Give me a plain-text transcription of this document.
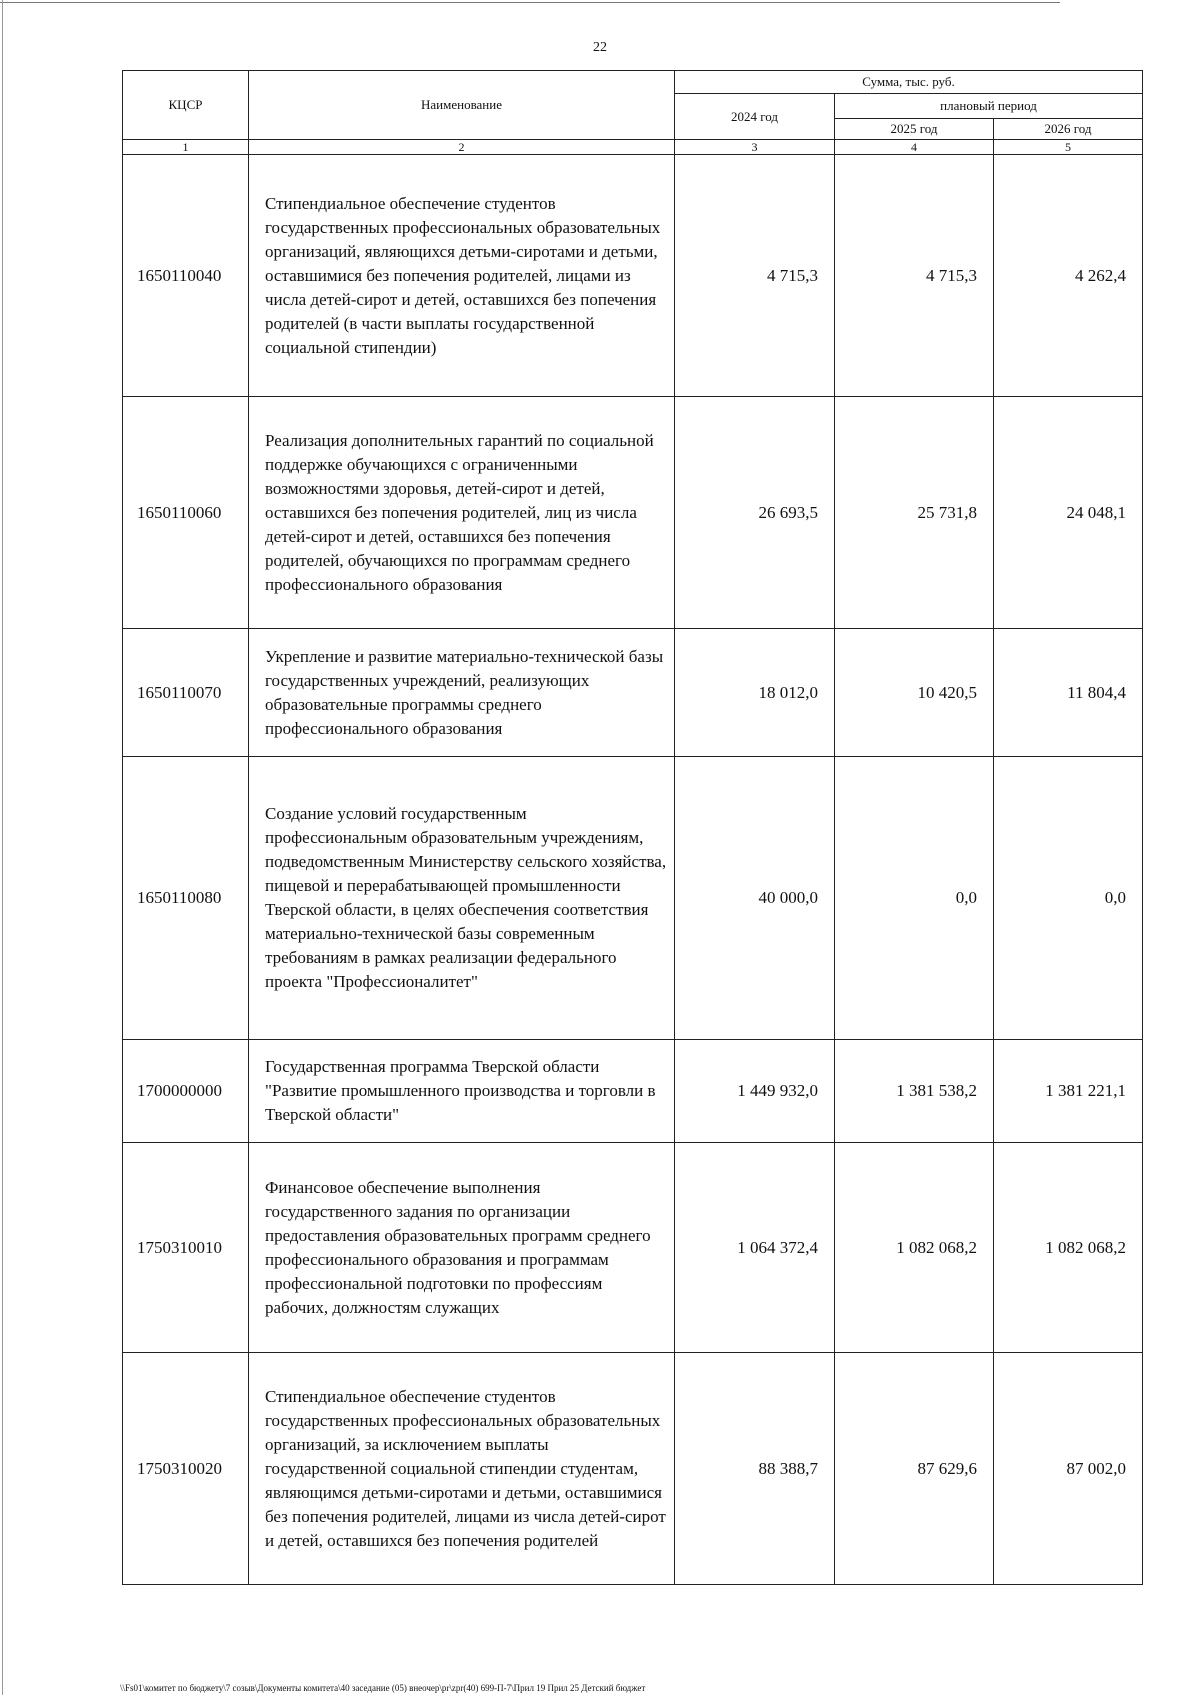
22
КЦСР	Наименование	Сумма, тыс. руб.		
		2024 год	плановый период	
			2025 год	2026 год
1	2	3	4	5
1650110040	Стипендиальное обеспечение студентов государственных профессиональных образовательных организаций, являющихся детьми-сиротами и детьми, оставшимися без попечения родителей, лицами из числа детей-сирот и детей, оставшихся без попечения родителей (в части выплаты государственной социальной стипендии)	4 715,3	4 715,3	4 262,4
1650110060	Реализация дополнительных гарантий по социальной поддержке обучающихся с ограниченными возможностями здоровья, детей-сирот и детей, оставшихся без попечения родителей, лиц из числа детей-сирот и детей, оставшихся без попечения родителей, обучающихся по программам среднего профессионального образования	26 693,5	25 731,8	24 048,1
1650110070	Укрепление и развитие материально-технической базы государственных учреждений, реализующих образовательные программы среднего профессионального образования	18 012,0	10 420,5	11 804,4
1650110080	Создание условий государственным профессиональным образовательным учреждениям, подведомственным Министерству сельского хозяйства, пищевой и перерабатывающей промышленности Тверской области, в целях обеспечения соответствия материально-технической базы современным требованиям в рамках реализации федерального проекта "Профессионалитет"	40 000,0	0,0	0,0
1700000000	Государственная программа Тверской области "Развитие промышленного производства и торговли в Тверской области"	1 449 932,0	1 381 538,2	1 381 221,1
1750310010	Финансовое обеспечение выполнения государственного задания по организации предоставления образовательных программ среднего профессионального образования и программам профессиональной подготовки по профессиям рабочих, должностям служащих	1 064 372,4	1 082 068,2	1 082 068,2
1750310020	Стипендиальное обеспечение студентов государственных профессиональных образовательных организаций, за исключением выплаты государственной социальной стипендии студентам, являющимся детьми-сиротами и детьми, оставшимися без попечения родителей, лицами из числа детей-сирот и детей, оставшихся без попечения родителей	88 388,7	87 629,6	87 002,0
\\Fs01\комитет по бюджету\7 созыв\Документы комитета\40 заседание (05) внеочер\pr\zpr(40) 699-П-7\Прил 19 Прил 25 Детский бюджет
